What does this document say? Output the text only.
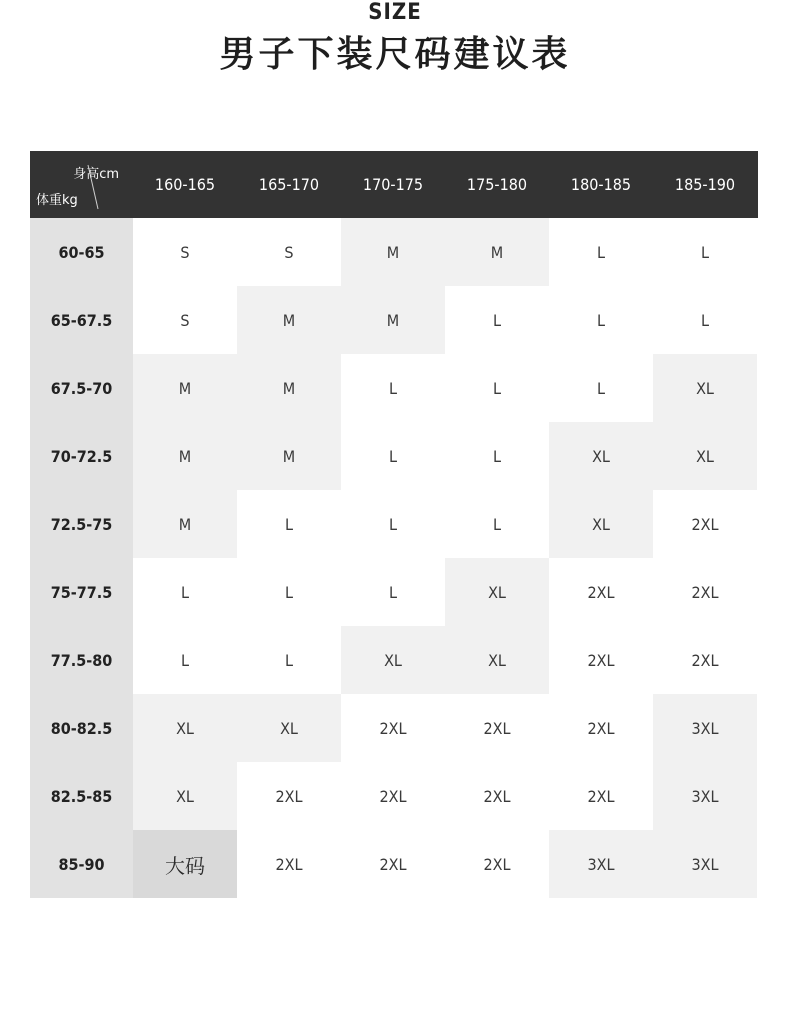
SIZE
男子下装尺码建议表
身高cm
体重kg
160-165	165-170	170-175	175-180	180-185	185-190
60-65	S	S	M	M	L	L
65-67.5	S	M	M	L	L	L
67.5-70	M	M	L	L	L	XL
70-72.5	M	M	L	L	XL	XL
72.5-75	M	L	L	L	XL	2XL
75-77.5	L	L	L	XL	2XL	2XL
77.5-80	L	L	XL	XL	2XL	2XL
80-82.5	XL	XL	2XL	2XL	2XL	3XL
82.5-85	XL	2XL	2XL	2XL	2XL	3XL
85-90	大码	2XL	2XL	2XL	3XL	3XL
